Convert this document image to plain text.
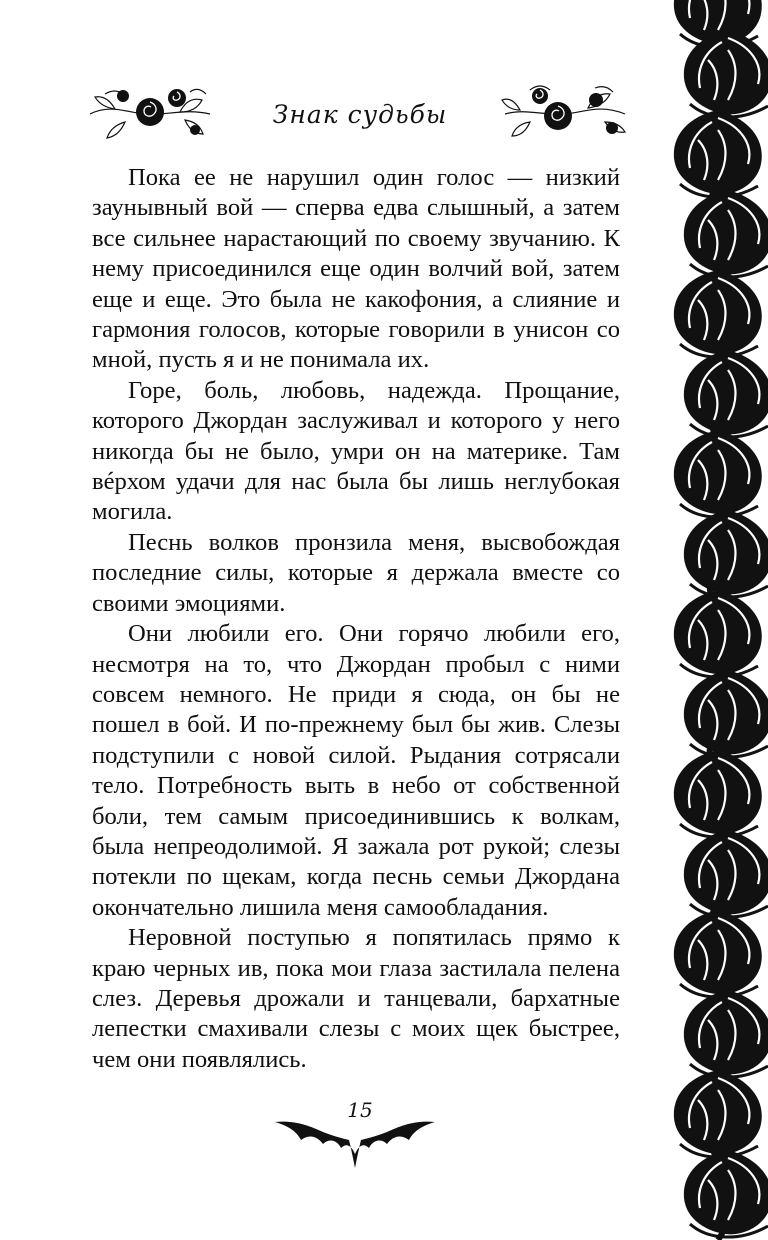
Знак судьбы

Пока ее не нарушил один голос — низкий заунывный вой — сперва едва слышный, а затем все сильнее нарастающий по своему звучанию. К нему присоединился еще один волчий вой, затем еще и еще. Это была не какофония, а слияние и гармония голосов, которые говорили в унисон со мной, пусть я и не понимала их.

Горе, боль, любовь, надежда. Прощание, которого Джордан заслуживал и которого у него никогда бы не было, умри он на материке. Там вéрхом удачи для нас была бы лишь неглубокая могила.

Песнь волков пронзила меня, высвобождая последние силы, которые я держала вместе со своими эмоциями.

Они любили его. Они горячо любили его, несмотря на то, что Джордан пробыл с ними совсем немного. Не приди я сюда, он бы не пошел в бой. И по-прежнему был бы жив. Слезы подступили с новой силой. Рыдания сотрясали тело. Потребность выть в небо от собственной боли, тем самым присоединившись к волкам, была непреодолимой. Я зажала рот рукой; слезы потекли по щекам, когда песнь семьи Джордана окончательно лишила меня самообладания.

Неровной поступью я попятилась прямо к краю черных ив, пока мои глаза застилала пелена слез. Деревья дрожали и танцевали, бархатные лепестки смахивали слезы с моих щек быстрее, чем они появлялись.

15
